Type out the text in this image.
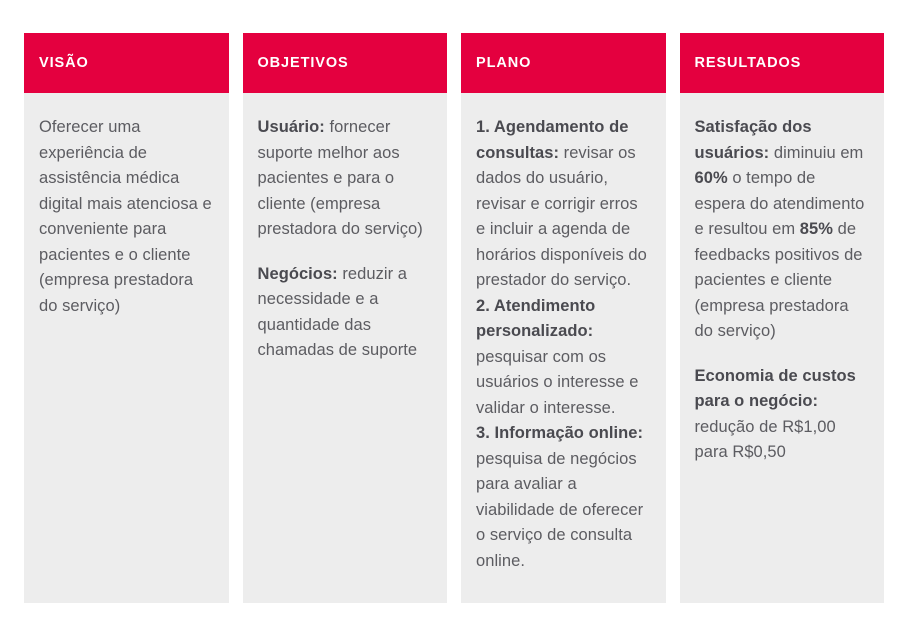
VISÃO

Oferecer uma experiência de assistência médica digital mais atenciosa e conveniente para pacientes e o cliente (empresa prestadora do serviço)

OBJETIVOS

Usuário: fornecer suporte melhor aos pacientes e para o cliente (empresa prestadora do serviço)

Negócios: reduzir a necessidade e a quantidade das chamadas de suporte

PLANO

1. Agendamento de consultas: revisar os dados do usuário, revisar e corrigir erros e incluir a agenda de horários disponíveis do prestador do serviço.

2. Atendimento personalizado: pesquisar com os usuários o interesse e validar o interesse.

3. Informação online: pesquisa de negócios para avaliar a viabilidade de oferecer o serviço de consulta online.

RESULTADOS

Satisfação dos usuários: diminuiu em 60% o tempo de espera do atendimento e resultou em 85% de feedbacks positivos de pacientes e cliente (empresa prestadora do serviço)

Economia de custos para o negócio: redução de R$1,00 para R$0,50
